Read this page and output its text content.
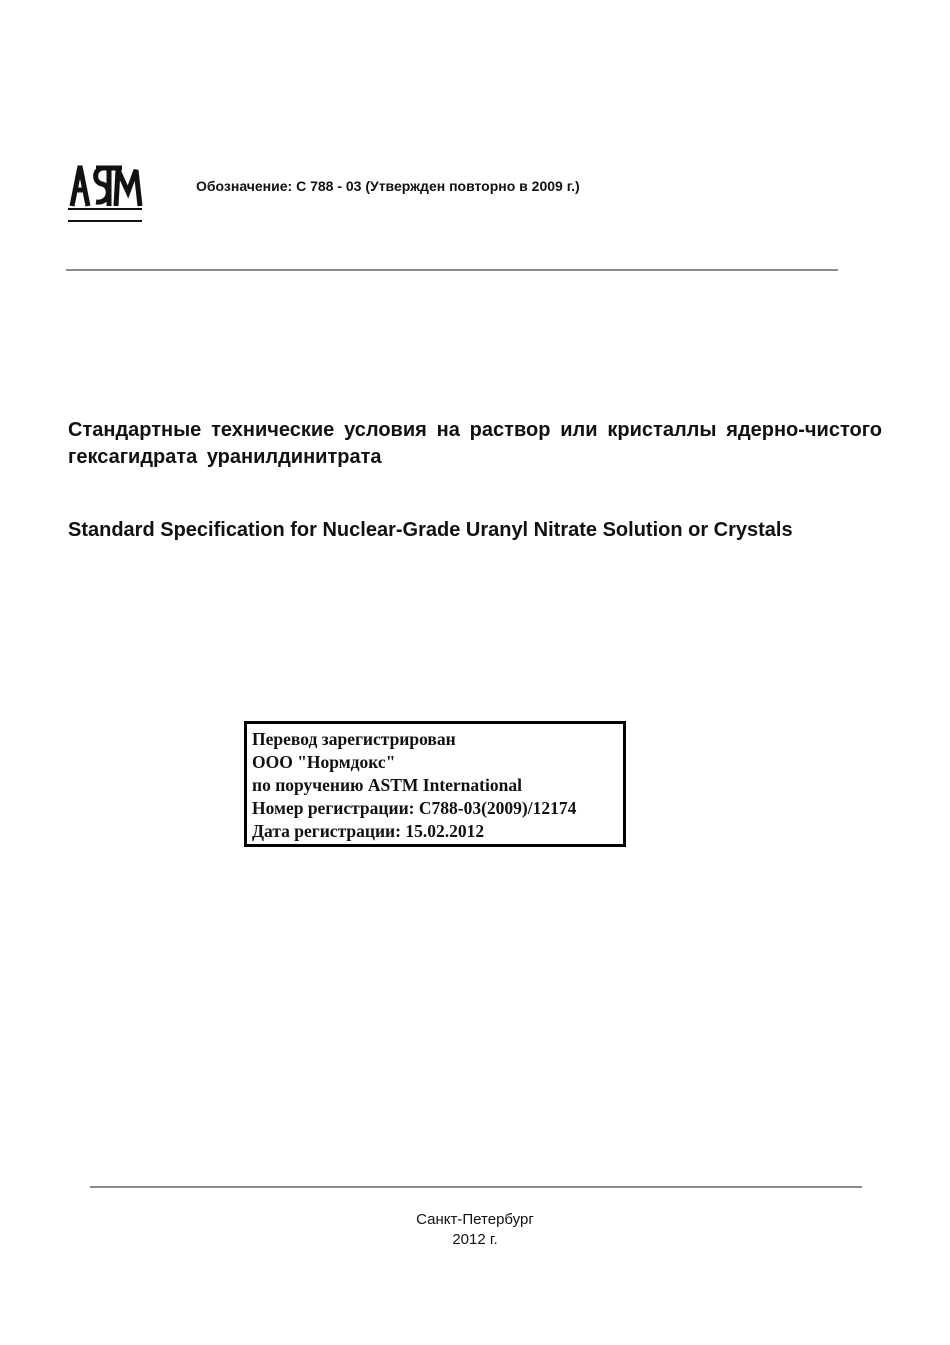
Обозначение: С 788 - 03 (Утвержден повторно в 2009 г.)
Стандартные технические условия на раствор или кристаллы ядерно-чистого гексагидрата уранилдинитрата
Standard Specification for Nuclear-Grade Uranyl Nitrate Solution or Crystals
Перевод зарегистрирован
ООО "Нормдокс"
по поручению ASTM International
Номер регистрации: С788-03(2009)/12174
Дата регистрации: 15.02.2012
Санкт-Петербург
2012 г.
